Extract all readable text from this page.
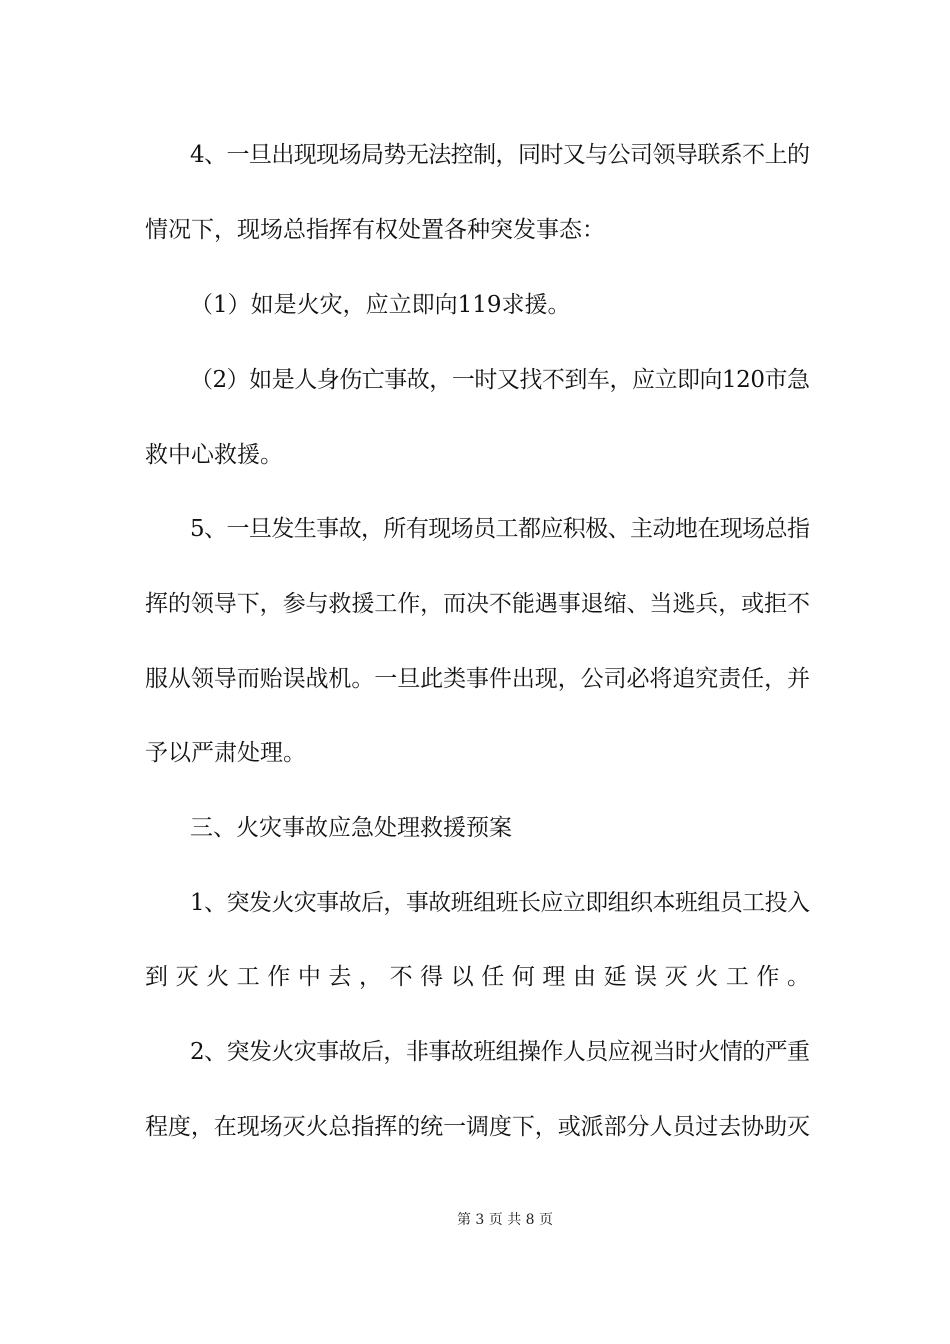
4、一旦出现现场局势无法控制，同时又与公司领导联系不上的
情况下，现场总指挥有权处置各种突发事态：
（1）如是火灾，应立即向119求援。
（2）如是人身伤亡事故，一时又找不到车，应立即向120市急
救中心救援。
5、一旦发生事故，所有现场员工都应积极、主动地在现场总指
挥的领导下，参与救援工作，而决不能遇事退缩、当逃兵，或拒不
服从领导而贻误战机。一旦此类事件出现，公司必将追究责任，并
予以严肃处理。
三、火灾事故应急处理救援预案
1、突发火灾事故后，事故班组班长应立即组织本班组员工投入
到灭火工作中去，不得以任何理由延误灭火工作。
2、突发火灾事故后，非事故班组操作人员应视当时火情的严重
程度，在现场灭火总指挥的统一调度下，或派部分人员过去协助灭
第 3 页 共 8 页
